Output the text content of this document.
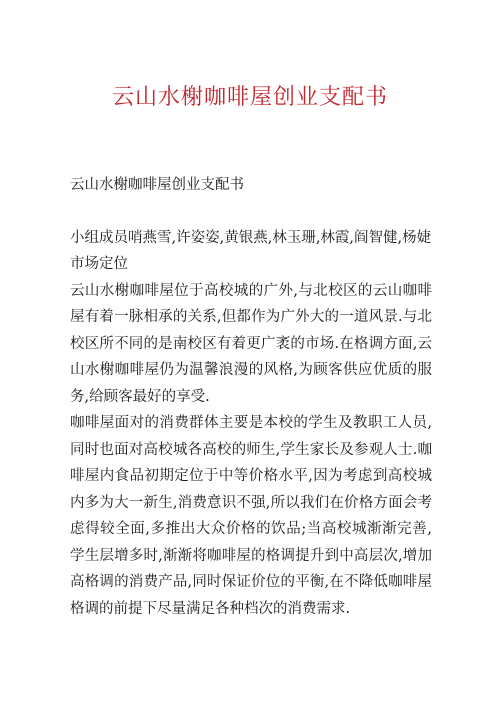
云山水榭咖啡屋创业支配书

云山水榭咖啡屋创业支配书

小组成员哨燕雪,许姿姿,黄银燕,林玉珊,林霞,阎智健,杨婕

市场定位

云山水榭咖啡屋位于高校城的广外,与北校区的云山咖啡屋有着一脉相承的关系,但都作为广外大的一道风景.与北校区所不同的是南校区有着更广袤的市场.在格调方面,云山水榭咖啡屋仍为温馨浪漫的风格,为顾客供应优质的服务,给顾客最好的享受.

咖啡屋面对的消费群体主要是本校的学生及教职工人员,同时也面对高校城各高校的师生,学生家长及参观人士.咖啡屋内食品初期定位于中等价格水平,因为考虑到高校城内多为大一新生,消费意识不强,所以我们在价格方面会考虑得较全面,多推出大众价格的饮品;当高校城渐渐完善,学生层增多时,渐渐将咖啡屋的格调提升到中高层次,增加高格调的消费产品,同时保证价位的平衡,在不降低咖啡屋格调的前提下尽量满足各种档次的消费需求.
